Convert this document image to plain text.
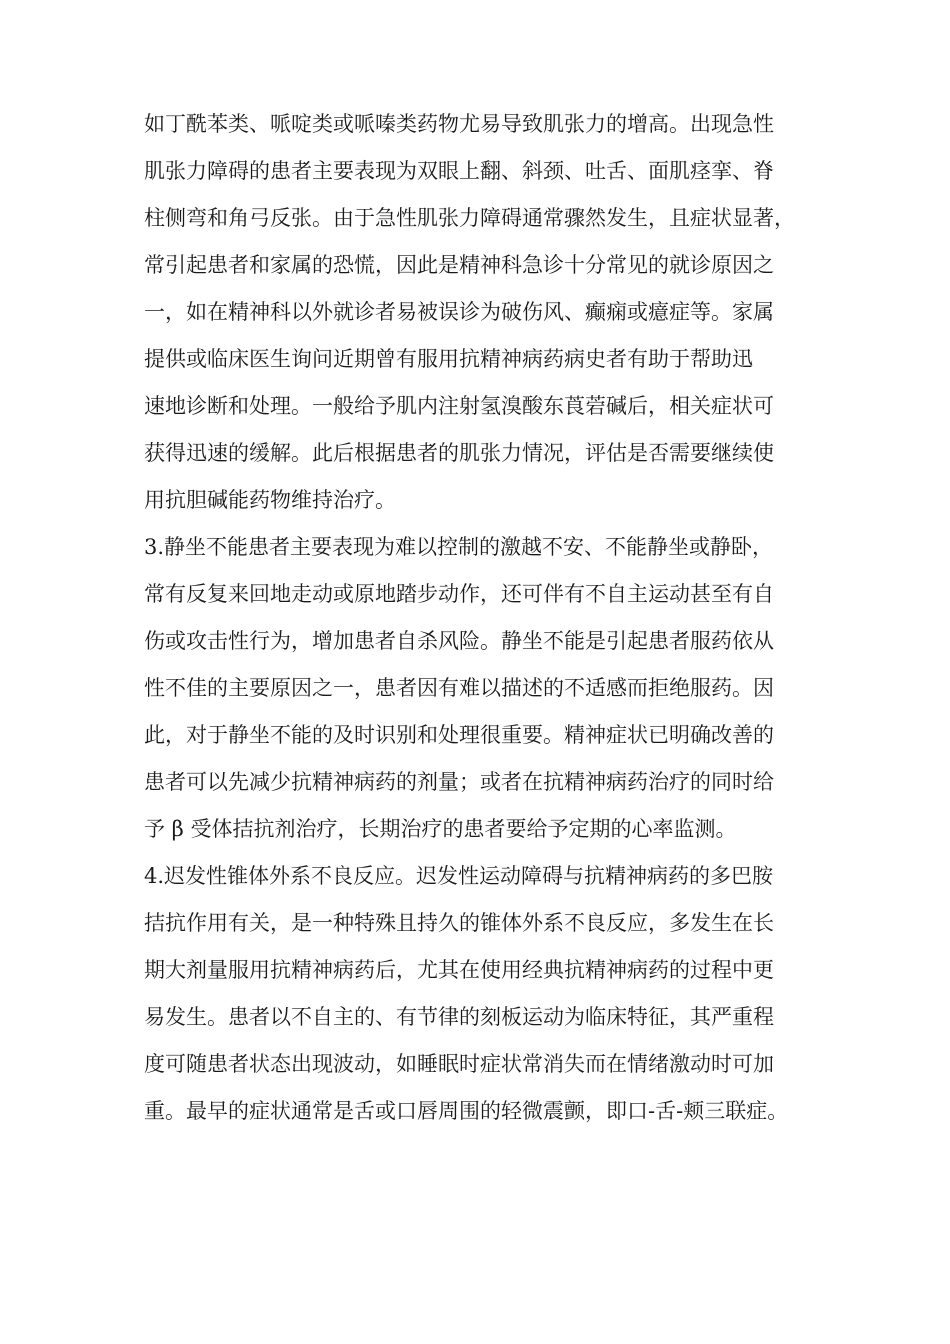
如丁酰苯类、哌啶类或哌嗪类药物尤易导致肌张力的增高。出现急性
肌张力障碍的患者主要表现为双眼上翻、斜颈、吐舌、面肌痉挛、脊
柱侧弯和角弓反张。由于急性肌张力障碍通常骤然发生，且症状显著，
常引起患者和家属的恐慌，因此是精神科急诊十分常见的就诊原因之
一，如在精神科以外就诊者易被误诊为破伤风、癫痫或癔症等。家属
提供或临床医生询问近期曾有服用抗精神病药病史者有助于帮助迅
速地诊断和处理。一般给予肌内注射氢溴酸东莨菪碱后，相关症状可
获得迅速的缓解。此后根据患者的肌张力情况，评估是否需要继续使
用抗胆碱能药物维持治疗。
3.静坐不能患者主要表现为难以控制的激越不安、不能静坐或静卧，
常有反复来回地走动或原地踏步动作，还可伴有不自主运动甚至有自
伤或攻击性行为，增加患者自杀风险。静坐不能是引起患者服药依从
性不佳的主要原因之一，患者因有难以描述的不适感而拒绝服药。因
此，对于静坐不能的及时识别和处理很重要。精神症状已明确改善的
患者可以先减少抗精神病药的剂量；或者在抗精神病药治疗的同时给
予 β 受体拮抗剂治疗，长期治疗的患者要给予定期的心率监测。
4.迟发性锥体外系不良反应。迟发性运动障碍与抗精神病药的多巴胺
拮抗作用有关，是一种特殊且持久的锥体外系不良反应，多发生在长
期大剂量服用抗精神病药后，尤其在使用经典抗精神病药的过程中更
易发生。患者以不自主的、有节律的刻板运动为临床特征，其严重程
度可随患者状态出现波动，如睡眠时症状常消失而在情绪激动时可加
重。最早的症状通常是舌或口唇周围的轻微震颤，即口-舌-颊三联症。
